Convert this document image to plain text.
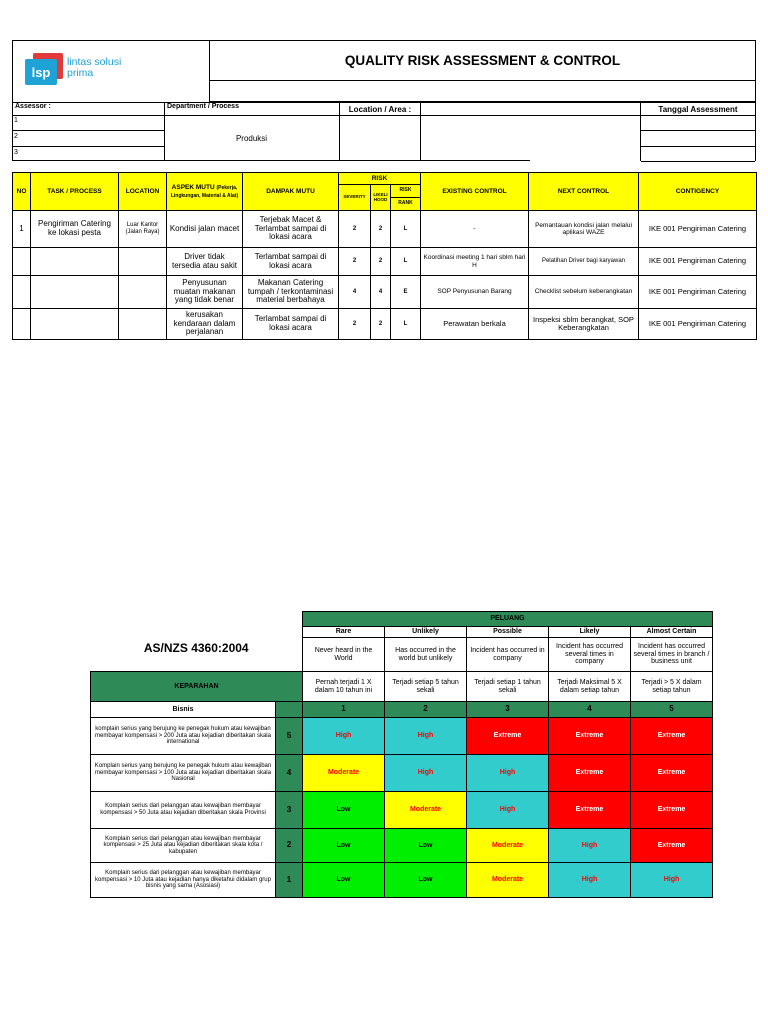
lsp
lintas solusi
prima
QUALITY RISK ASSESSMENT & CONTROL
Assessor :	Department / Process	Location / Area :	Tanggal Assessment
1
2
3
Produksi
NO	TASK / PROCESS	LOCATION	ASPEK MUTU (Pekerja, Lingkungan, Material & Alat)	DAMPAK MUTU	RISK			EXISTING CONTROL	NEXT CONTROL	CONTIGENCY
					SEVERITY	LIKELI HOOD	RISK			
							RANK			
1	Pengiriman Catering ke lokasi pesta	Luar Kantor (Jalan Raya)	Kondisi jalan macet	Terjebak Macet & Terlambat sampai di lokasi acara	2	2	L	-	Pemantauan kondisi jalan melalui aplikasi WAZE	IKE 001 Pengiriman Catering
			Driver tidak tersedia atau sakit	Terlambat sampai di lokasi acara	2	2	L	Koordinasi meeting 1 hari sblm hari H	Pelatihan Driver bagi karyawan	IKE 001 Pengiriman Catering
			Penyusunan muatan makanan yang tidak benar	Makanan Catering tumpah / terkontaminasi material berbahaya	4	4	E	SOP Penyusunan Barang	Checklist sebelum keberangkatan	IKE 001 Pengiriman Catering
			kerusakan kendaraan dalam perjalanan	Terlambat sampai di lokasi acara	2	2	L	Perawatan berkala	Inspeksi sblm berangkat, SOP Keberangkatan	IKE 001 Pengiriman Catering
		PELUANG				
AS/NZS 4360:2004		Rare	Unlikely	Possible	Likely	Almost Certain
		Never heard in the World	Has occurred in the world but unlikely	Incident has occurred in company	Incident has occurred several times in company	Incident has occurred several times in branch / business unit
KEPARAHAN		Pernah terjadi 1 X dalam 10 tahun ini	Terjadi setiap 5 tahun sekali	Terjadi setiap 1 tahun sekali	Terjadi Maksimal 5 X dalam setiap tahun	Terjadi > 5 X dalam setiap tahun
Bisnis		1	2	3	4	5
komplain serius yang berujung ke penegak hukum atau kewajiban membayar kompensasi > 200 Juta atau kejadian diberitakan skala international	5	High	High	Extreme	Extreme	Extreme
Komplain serius yang berujung ke penegak hukum atau kewajiban membayar kompensasi > 100 Juta atau kejadian diberitakan skala Nasional	4	Moderate	High	High	Extreme	Extreme
Komplain serius dari pelanggan atau kewajiban membayar kompensasi > 50 Juta atau kejadian diberitakan skala Provinsi	3	Low	Moderate	High	Extreme	Extreme
Komplain serius dari pelanggan atau kewajiban membayar kompensasi > 25 Juta atau kejadian diberitakan skala kota / kabupaten	2	Low	Low	Moderate	High	Extreme
Komplain serius dari pelanggan atau kewajiban membayar kompensasi > 10 Juta atau kejadian hanya diketahui didalam grup bisnis yang sama (Asosiasi)	1	Low	Low	Moderate	High	High
